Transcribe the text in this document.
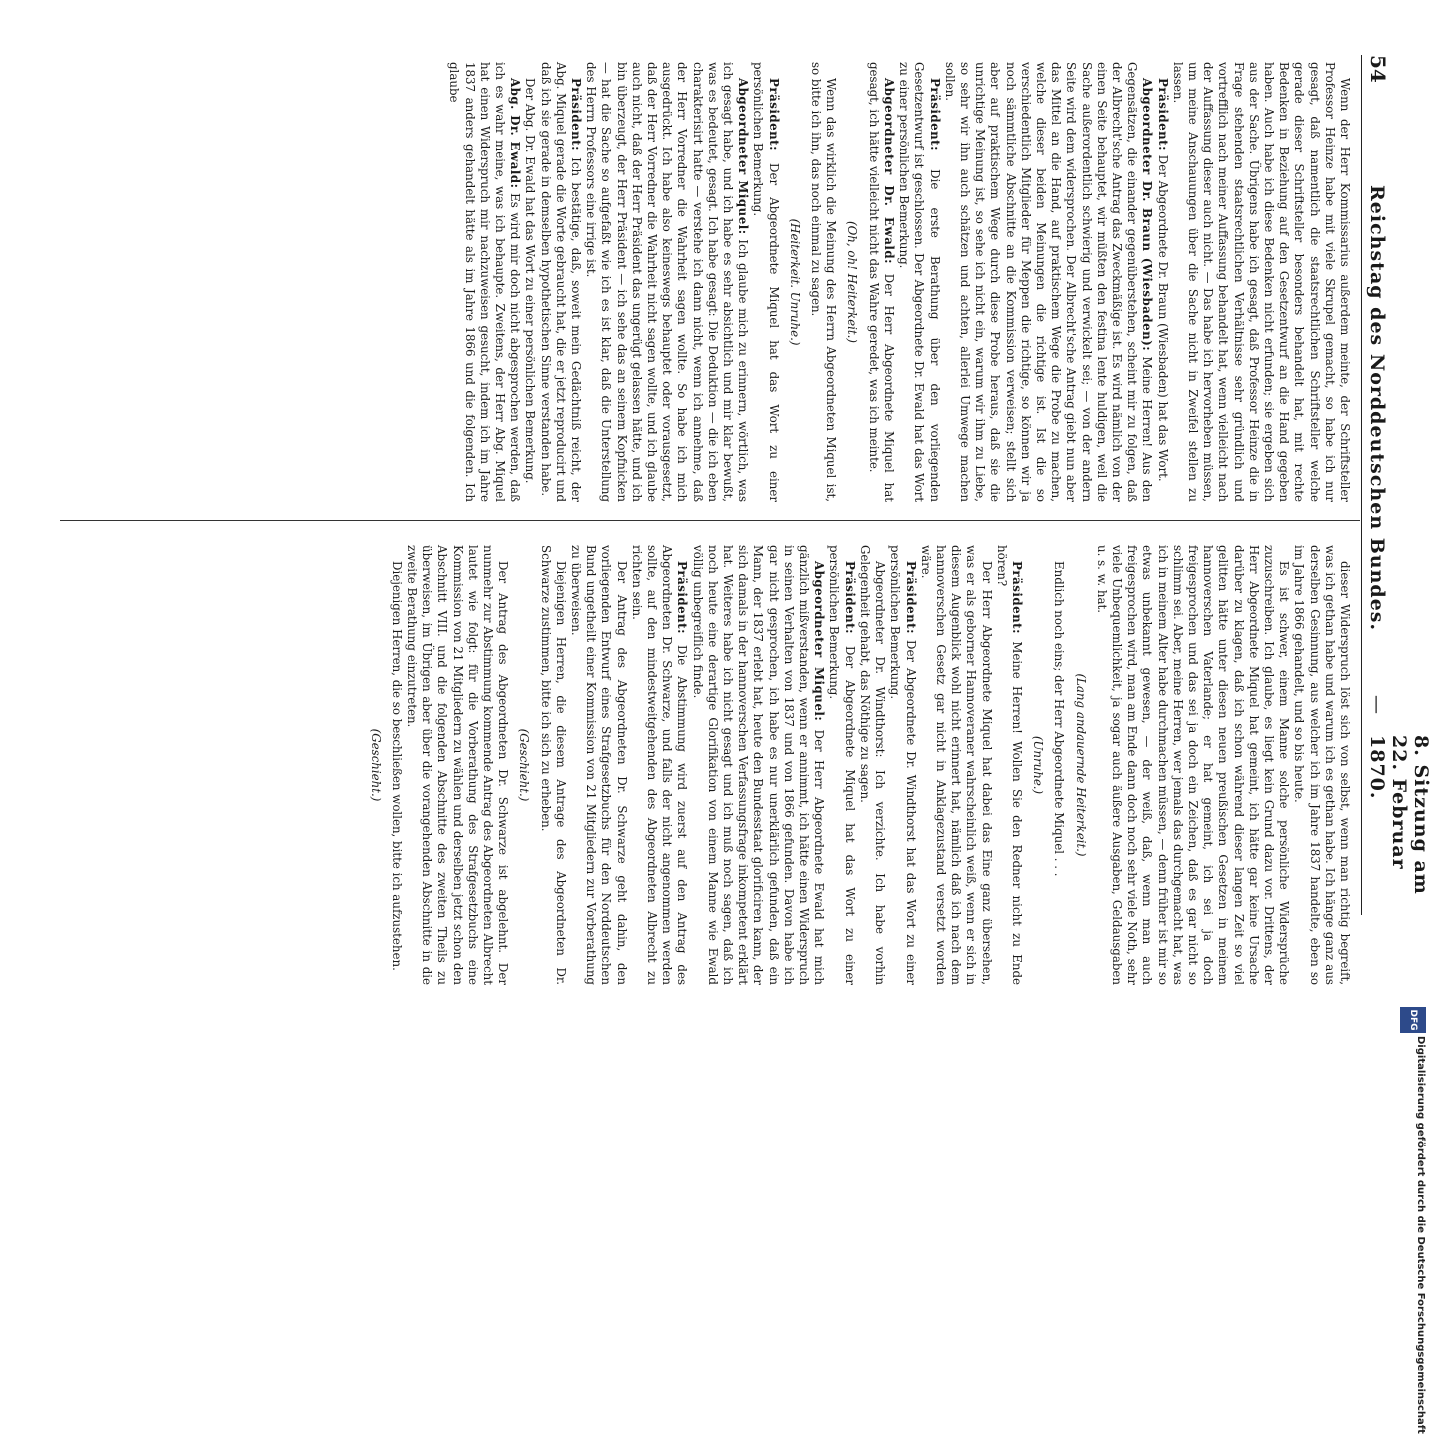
54
Reichstag des Norddeutschen Bundes.
—
8. Sitzung am 22. Februar 1870.

Wenn der Herr Kommissarius außerdem meinte, der Schriftsteller Professor Heinze habe mit viele Skrupel gemacht, so habe ich nur gesagt, daß namentlich die staatsrechtlichen Schriftsteller welche gerade dieser Schriftsteller besonders behandelt hat, mit rechte Bedenken in Beziehung auf den Gesetzentwurf an die Hand gegeben haben. Auch habe ich diese Bedenken nicht erfunden; sie ergeben sich aus der Sache. Übrigens habe ich gesagt, daß Professor Heinze die in Frage stehenden staatsrechtlichen Verhältnisse sehr gründlich und vortrefflich nach meiner Auffassung behandelt hat, wenn vielleicht nach der Auffassung dieser auch nicht. — Das habe ich hervorheben müssen, um meine Anschauungen über die Sache nicht in Zweifel stellen zu lassen.

Präsident: Der Abgeordnete Dr. Braun (Wiesbaden) hat das Wort.

Abgeordneter Dr. Braun (Wiesbaden): Meine Herren! Aus den Gegensätzen, die einander gegenüberstehen, scheint mir zu folgen, daß der Albrecht'sche Antrag das Zweckmäßige ist. Es wird nämlich von der einen Seite behauptet, wir müßten den festina lente huldigen, weil die Sache außerordentlich schwierig und verwickelt sei; — von der andern Seite wird dem widersprochen. Der Albrecht'sche Antrag giebt nun aber das Mittel an die Hand, auf praktischem Wege die Probe zu machen, welche dieser beiden Meinungen die richtige ist. Ist die so verschiedentlich Mitglieder für Meppen die richtige, so können wir ja noch sämmtliche Abschnitte an die Kommission verweisen; stellt sich aber auf praktischem Wege durch diese Probe heraus, daß sie die unrichtige Meinung ist, so sehe ich nicht ein, warum wir ihm zu Liebe, so sehr wir ihn auch schätzen und achten, allerlei Umwege machen sollen.

Präsident: Die erste Berathung über den vorliegenden Gesetzentwurf ist geschlossen. Der Abgeordnete Dr. Ewald hat das Wort zu einer persönlichen Bemerkung.

Abgeordneter Dr. Ewald: Der Herr Abgeordnete Miquel hat gesagt, ich hätte vielleicht nicht das Wahre geredet, was ich meinte.

(Oh, oh! Heiterkeit.)

Wenn das wirklich die Meinung des Herrn Abgeordneten Miquel ist, so bitte ich ihn, das noch einmal zu sagen.

(Heiterkeit. Unruhe.)

Präsident: Der Abgeordnete Miquel hat das Wort zu einer persönlichen Bemerkung.

Abgeordneter Miquel: Ich glaube mich zu erinnern, wörtlich, was ich gesagt habe, und ich habe es sehr absichtlich und mir klar bewußt, was es bedeutet, gesagt. Ich habe gesagt: Die Deduktion — die ich eben charakterisirt hatte — verstehe ich dann nicht, wenn ich annehme, daß der Herr Vorredner die Wahrheit sagen wollte. So habe ich mich ausgedrückt. Ich habe also keineswegs behauptet oder vorausgesetzt, daß der Herr Vorredner die Wahrheit nicht sagen wollte, und ich glaube auch nicht, daß der Herr Präsident das ungerügt gelassen hätte, und ich bin überzeugt, der Herr Präsident — ich sehe das an seinem Kopfnicken — hat die Sache so aufgefaßt wie ich es ist klar, daß die Unterstellung des Herrn Professors eine irrige ist.

Präsident: Ich bestätige, daß, soweit mein Gedächtniß reicht, der Abg. Miquel gerade die Worte gebraucht hat, die er jetzt reproducirt und daß ich sie gerade in demselben hypothetischen Sinne verstanden habe.

Der Abg. Dr. Ewald hat das Wort zu einer persönlichen Bemerkung.

Abg. Dr. Ewald: Es wird mir doch nicht abgesprochen werden, daß ich es wahr meine, was ich behaupte. Zweitens, der Herr Abg. Miquel hat einen Widerspruch mir nachzuweisen gesucht, indem ich im Jahre 1837 anders gehandelt hätte als im Jahre 1866 und die folgenden. Ich glaube

dieser Widerspruch löst sich von selbst, wenn man richtig begreift, was ich gethan habe und warum ich es gethan habe. Ich hänge ganz aus derselben Gesinnung, aus welcher ich im Jahre 1837 handelte, eben so im Jahre 1866 gehandelt, und so bis heute.

Es ist schwer, einem Manne solche persönliche Widersprüche zuzuschreiben. Ich glaube, es liegt kein Grund dazu vor. Drittens, der Herr Abgeordnete Miquel hat gemeint, ich hätte gar keine Ursache darüber zu klagen, daß ich schon während dieser langen Zeit so viel gelitten hätte unter diesen neuen preußischen Gesetzen in meinem hannoverschen Vaterlande; er hat gemeint, ich sei ja doch freigesprochen und das sei ja doch ein Zeichen, daß es gar nicht so schlimm sei. Aber, meine Herren, wer jemals das durchgemacht hat, was ich in meinem Alter habe durchmachen müssen, — denn früher ist mir so etwas unbekannt gewesen, — der weiß, daß, wenn man auch freigesprochen wird, man am Ende dann doch noch sehr viele Noth, sehr viele Unbequemlichkeit, ja sogar auch äußere Ausgaben, Geldausgaben u. s. w. hat.

(Lang andauernde Heiterkeit.)

Endlich noch eins; der Herr Abgeordnete Miquel . . .

(Unruhe.)

Präsident: Meine Herren! Wollen Sie den Redner nicht zu Ende hören?

Der Herr Abgeordnete Miquel hat dabei das Eine ganz übersehen, was er als geborner Hannoveraner wahrscheinlich weiß, wenn er sich in diesem Augenblick wohl nicht erinnert hat, nämlich daß ich nach dem hannoverschen Gesetz gar nicht in Anklagezustand versetzt worden wäre.

Präsident: Der Abgeordnete Dr. Windthorst hat das Wort zu einer persönlichen Bemerkung.

Abgeordneter Dr. Windthorst: Ich verzichte. Ich habe vorhin Gelegenheit gehabt, das Nöthige zu sagen.

Präsident: Der Abgeordnete Miquel hat das Wort zu einer persönlichen Bemerkung.

Abgeordneter Miquel: Der Herr Abgeordnete Ewald hat mich gänzlich mißverstanden, wenn er annimmt, ich hätte einen Widerspruch in seinen Verhalten von 1837 und von 1866 gefunden. Davon habe ich gar nicht gesprochen, ich habe es nur unerklärlich gefunden, daß ein Mann, der 1837 erlebt hat, heute den Bundesstaat glorificiren kann, der sich damals in der hannoverschen Verfassungsfrage inkompetent erklärt hat. Weiteres habe ich nicht gesagt und ich muß noch sagen, daß ich noch heute eine derartige Glorifikation von einem Manne wie Ewald völlig unbegreiflich finde.

Präsident: Die Abstimmung wird zuerst auf den Antrag des Abgeordneten Dr. Schwarze, und falls der nicht angenommen werden sollte, auf den mindestweitgehenden des Abgeordneten Albrecht zu richten sein.

Der Antrag des Abgeordneten Dr. Schwarze geht dahin, den vorliegenden Entwurf eines Strafgesetzbuchs für den Norddeutschen Bund ungetheilt einer Kommission von 21 Mitgliedern zur Vorberathung zu überweisen.

Diejenigen Herren, die diesem Antrage des Abgeordneten Dr. Schwarze zustimmen, bitte ich sich zu erheben.

(Geschieht.)

Der Antrag des Abgeordneten Dr. Schwarze ist abgelehnt. Der nunmehr zur Abstimmung kommende Antrag des Abgeordneten Albrecht lautet wie folgt: für die Vorberathung des Strafgesetzbuchs eine Kommission von 21 Mitgliedern zu wählen und derselben jetzt schon den Abschnitt VIII. und die folgenden Abschnitte des zweiten Theils zu überweisen, im Übrigen aber über die vorangehenden Abschnitte in die zweite Berathung einzutreten.

Diejenigen Herren, die so beschließen wollen, bitte ich aufzustehen.

(Geschieht.)

DFG
Digitalisierung gefördert durch die Deutsche Forschungsgemeinschaft
